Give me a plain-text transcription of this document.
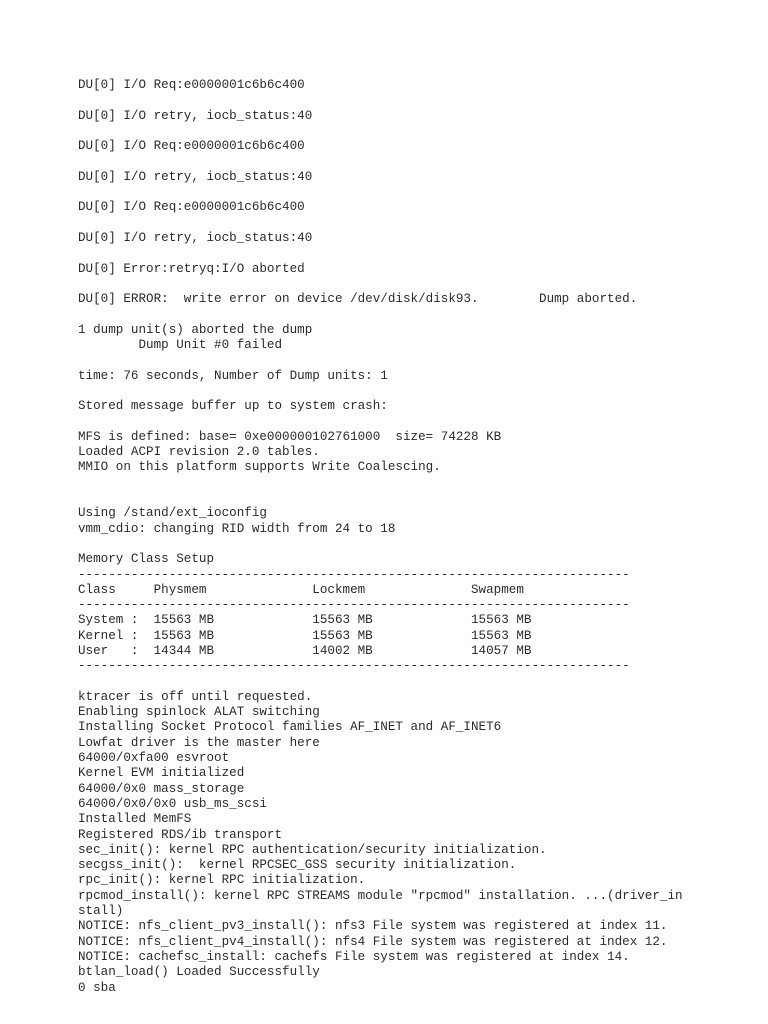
DU[0] I/O Req:e0000001c6b6c400
DU[0] I/O retry, iocb_status:40
DU[0] I/O Req:e0000001c6b6c400
DU[0] I/O retry, iocb_status:40
DU[0] I/O Req:e0000001c6b6c400
DU[0] I/O retry, iocb_status:40
DU[0] Error:retryq:I/O aborted
DU[0] ERROR:  write error on device /dev/disk/disk93.        Dump aborted.
1 dump unit(s) aborted the dump
Dump Unit #0 failed
time: 76 seconds, Number of Dump units: 1
Stored message buffer up to system crash:
MFS is defined: base= 0xe000000102761000  size= 74228 KB
Loaded ACPI revision 2.0 tables.
MMIO on this platform supports Write Coalescing.
Using /stand/ext_ioconfig
vmm_cdio: changing RID width from 24 to 18
Memory Class Setup
-------------------------------------------------------------------------
Class     Physmem              Lockmem              Swapmem
-------------------------------------------------------------------------
System :  15563 MB             15563 MB             15563 MB
Kernel :  15563 MB             15563 MB             15563 MB
User   :  14344 MB             14002 MB             14057 MB
-------------------------------------------------------------------------
ktracer is off until requested.
Enabling spinlock ALAT switching
Installing Socket Protocol families AF_INET and AF_INET6
Lowfat driver is the master here
64000/0xfa00 esvroot
Kernel EVM initialized
64000/0x0 mass_storage
64000/0x0/0x0 usb_ms_scsi
Installed MemFS
Registered RDS/ib transport
sec_init(): kernel RPC authentication/security initialization.
secgss_init():  kernel RPCSEC_GSS security initialization.
rpc_init(): kernel RPC initialization.
rpcmod_install(): kernel RPC STREAMS module "rpcmod" installation. ...(driver_in
stall)
NOTICE: nfs_client_pv3_install(): nfs3 File system was registered at index 11.
NOTICE: nfs_client_pv4_install(): nfs4 File system was registered at index 12.
NOTICE: cachefsc_install: cachefs File system was registered at index 14.
btlan_load() Loaded Successfully
0 sba
